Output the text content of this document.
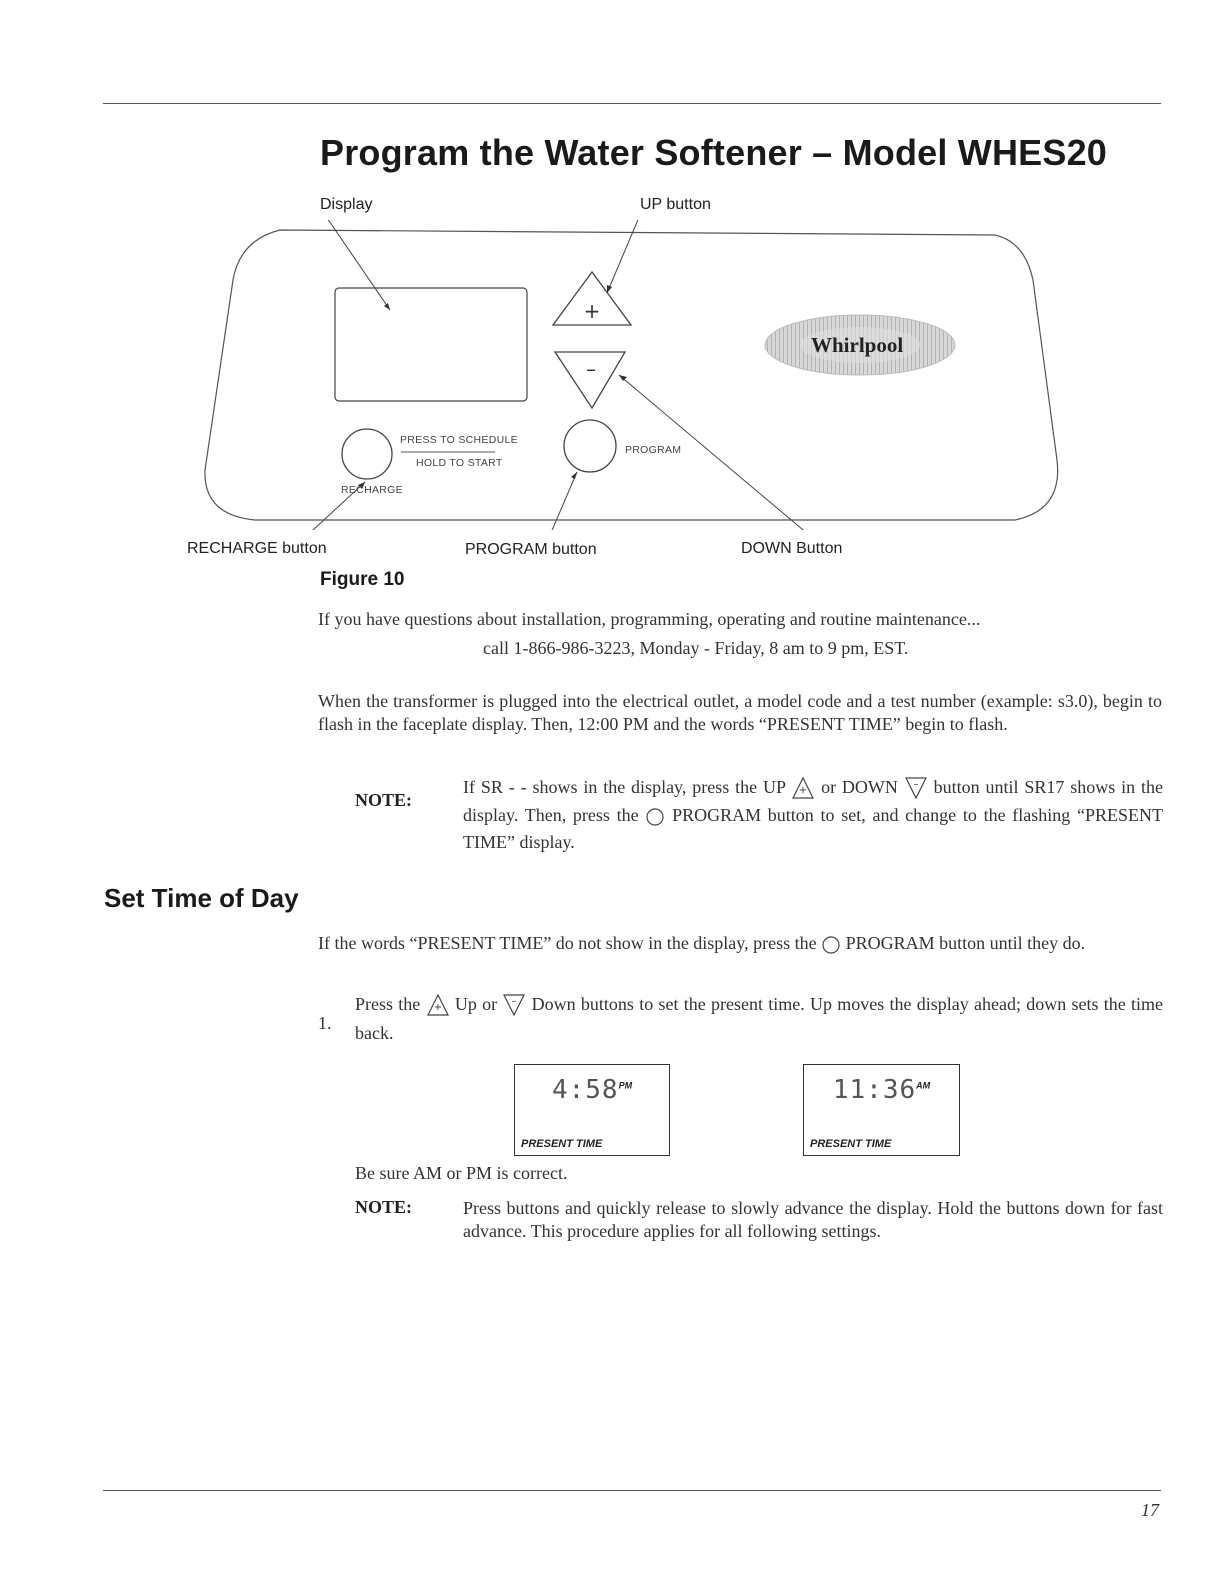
Program the Water Softener – Model WHES20
Display	UP button
RECHARGE button	PROGRAM button	DOWN Button
+
–
PRESS TO SCHEDULE
HOLD TO START
RECHARGE
PROGRAM
Whirlpool
Figure 10
If you have questions about installation, programming, operating and routine maintenance...
call 1-866-986-3223, Monday - Friday, 8 am to 9 pm, EST.
When the transformer is plugged into the electrical outlet, a model code and a test number (example: s3.0), begin to flash in the faceplate display. Then, 12:00 PM and the words “PRESENT TIME” begin to flash.
NOTE:
If SR - - shows in the display, press the UP + or DOWN – button until SR17 shows in the display. Then, press the PROGRAM button to set, and change to the flashing “PRESENT TIME” display.
Set Time of Day
If the words “PRESENT TIME” do not show in the display, press the PROGRAM button until they do.
1.
Press the + Up or – Down buttons to set the present time. Up moves the display ahead; down sets the time back.
$4:58^{PM}$
PRESENT TIME
$11:36^{AM}$
PRESENT TIME
Be sure AM or PM is correct.
NOTE:	Press buttons and quickly release to slowly advance the display. Hold the buttons down for fast advance. This procedure applies for all following settings.
17
